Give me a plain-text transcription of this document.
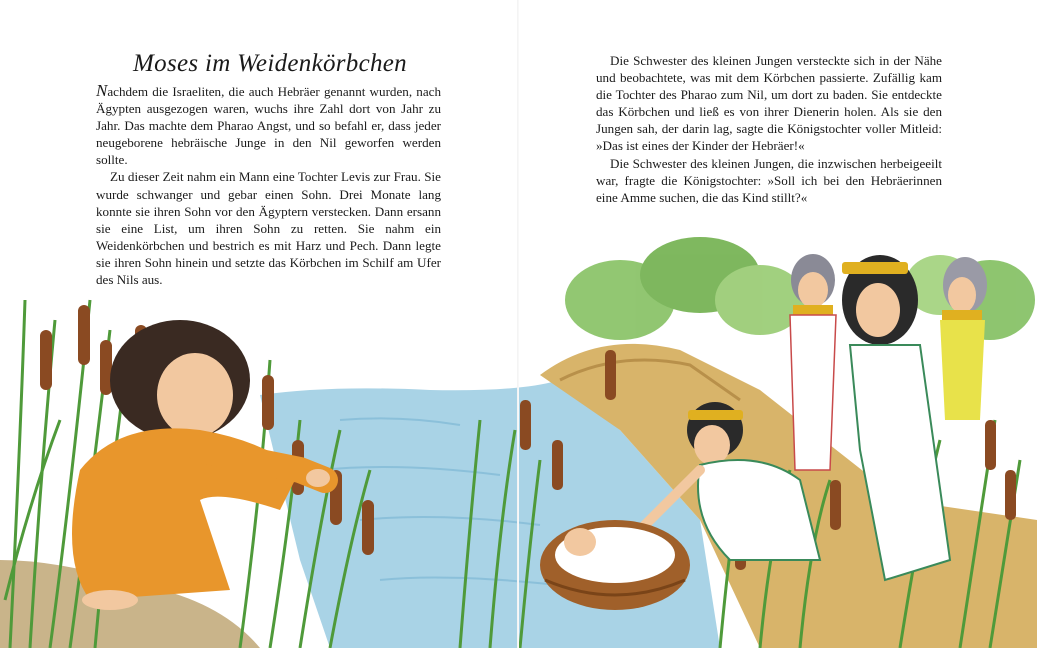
Moses im Weidenkörbchen

Nachdem die Israeliten, die auch Hebräer genannt wurden, nach Ägypten ausgezogen waren, wuchs ihre Zahl dort von Jahr zu Jahr. Das machte dem Pharao Angst, und so befahl er, dass jeder neugeborene hebräische Junge in den Nil geworfen werden sollte.

Zu dieser Zeit nahm ein Mann eine Tochter Levis zur Frau. Sie wurde schwanger und gebar einen Sohn. Drei Monate lang konnte sie ihren Sohn vor den Ägyptern verstecken. Dann ersann sie eine List, um ihren Sohn zu retten. Sie nahm ein Weidenkörbchen und bestrich es mit Harz und Pech. Dann legte sie ihren Sohn hinein und setzte das Körbchen im Schilf am Ufer des Nils aus.

Die Schwester des kleinen Jungen versteckte sich in der Nähe und beobachtete, was mit dem Körbchen passierte. Zufällig kam die Tochter des Pharao zum Nil, um dort zu baden. Sie entdeckte das Körbchen und ließ es von ihrer Dienerin holen. Als sie den Jungen sah, der darin lag, sagte die Königstochter voller Mitleid: »Das ist eines der Kinder der Hebräer!«

Die Schwester des kleinen Jungen, die inzwischen herbeigeeilt war, fragte die Königstochter: »Soll ich bei den Hebräerinnen eine Amme suchen, die das Kind stillt?«
